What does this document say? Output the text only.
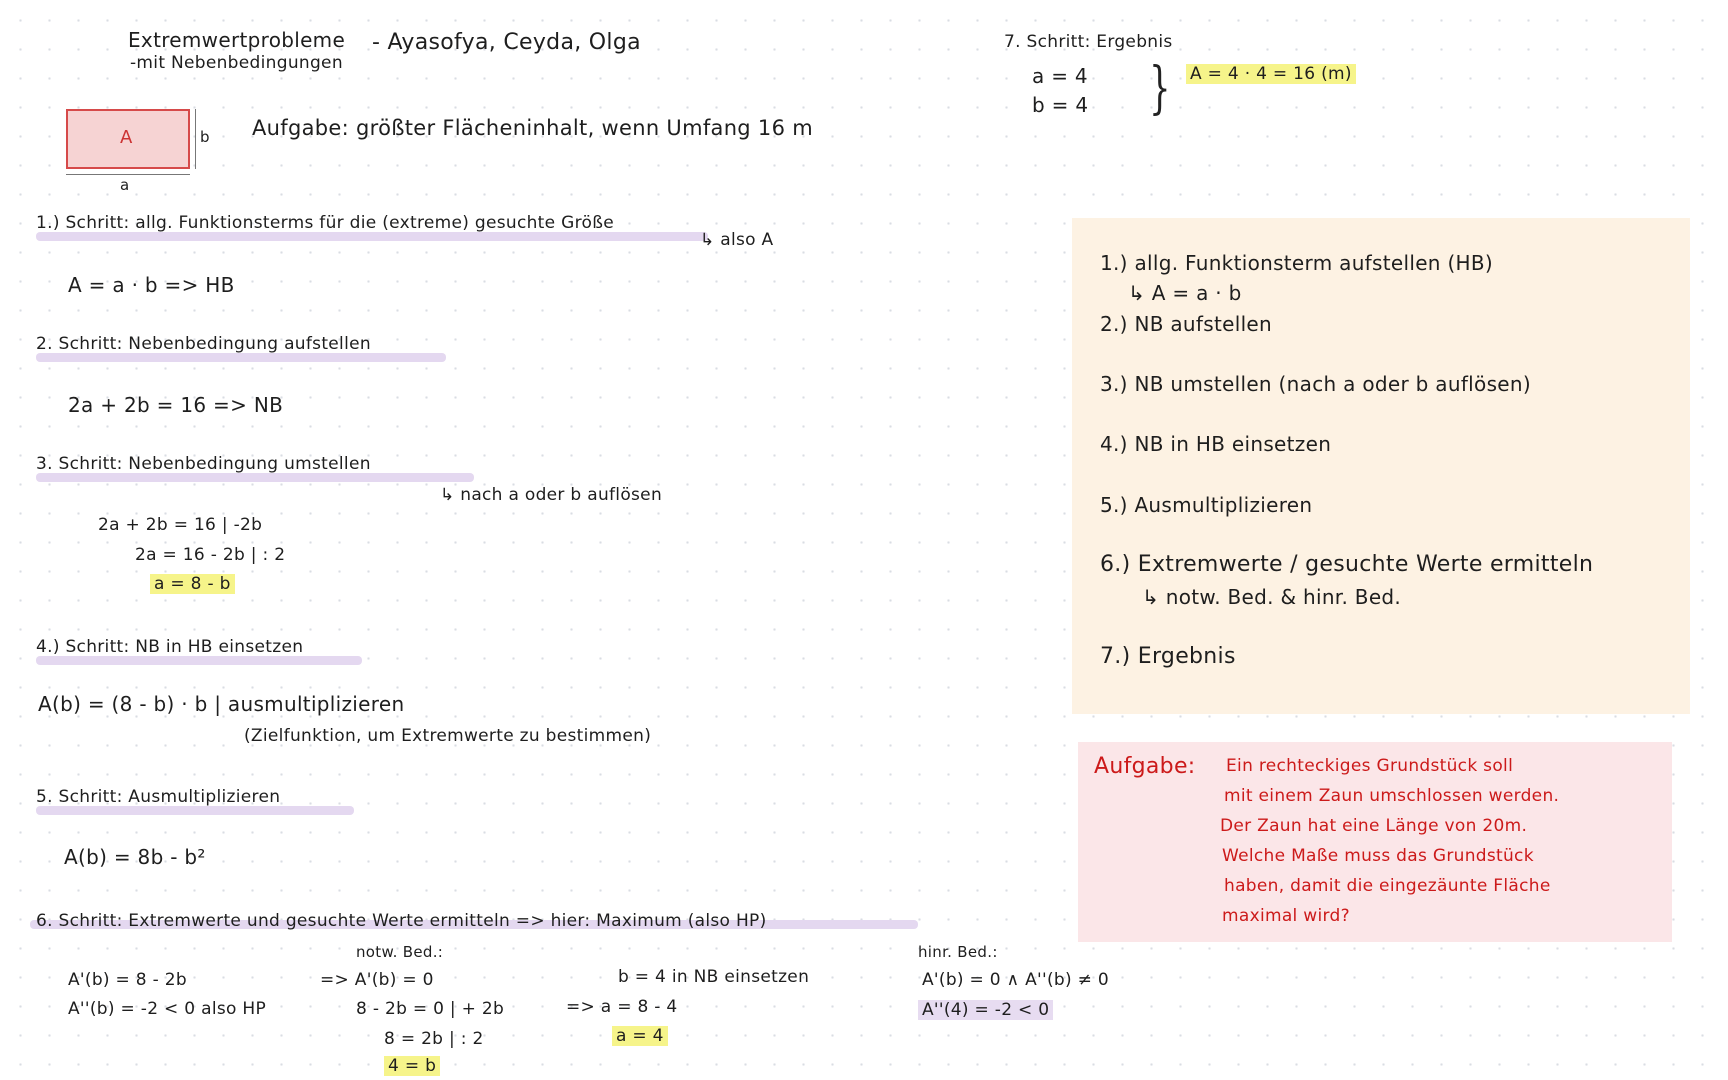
Extremwertprobleme
-mit Nebenbedingungen
- Ayasofya, Ceyda, Olga
A
a
b Aufgabe: größter Flächeninhalt, wenn Umfang 16 m
1.) Schritt: allg. Funktionsterms für die (extreme) gesuchte Größe
↳ also A
A = a · b => HB
2. Schritt: Nebenbedingung aufstellen
2a + 2b = 16 => NB
3. Schritt: Nebenbedingung umstellen
↳ nach a oder b auflösen
2a + 2b = 16 | -2b
2a = 16 - 2b | : 2
a = 8 - b
4.) Schritt: NB in HB einsetzen
A(b) = (8 - b) · b | ausmultiplizieren
(Zielfunktion, um Extremwerte zu bestimmen)
5. Schritt: Ausmultiplizieren
A(b) = 8b - b²
6. Schritt: Extremwerte und gesuchte Werte ermitteln => hier: Maximum (also HP)
A'(b) = 8 - 2b
A''(b) = -2 < 0 also HP
notw. Bed.:
=> A'(b) = 0
8 - 2b = 0 | + 2b
8 = 2b | : 2
4 = b
b = 4 in NB einsetzen
=> a = 8 - 4
a = 4
hinr. Bed.:
A'(b) = 0 ∧ A''(b) ≠ 0
A''(4) = -2 < 0
7. Schritt: Ergebnis
a = 4
b = 4 } A = 4 · 4 = 16 (m)
1.) allg. Funktionsterm aufstellen (HB)
↳ A = a · b
2.) NB aufstellen
3.) NB umstellen (nach a oder b auflösen)
4.) NB in HB einsetzen
5.) Ausmultiplizieren
6.) Extremwerte / gesuchte Werte ermitteln
↳ notw. Bed. & hinr. Bed.
7.) Ergebnis
Aufgabe: Ein rechteckiges Grundstück soll
mit einem Zaun umschlossen werden.
Der Zaun hat eine Länge von 20m.
Welche Maße muss das Grundstück
haben, damit die eingezäunte Fläche
maximal wird?
